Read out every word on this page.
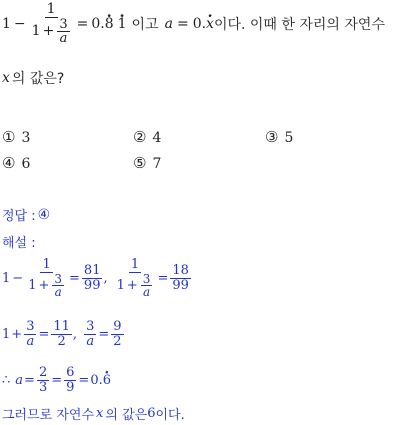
$1 - \frac{1}{1 + \frac{3}{a}} = 0.\cdot 8\cdot 1$ 이고 a = 0.· x 이다. 이때 한 자리의 자연수
x 의 값은?
① 3	② 4	③ 5
④ 6	⑤ 7
정답 : ④
해설 :
$1 - \frac{1}{1 + \frac{3}{a}} = \frac{81}{99}$ , $\frac{1}{1 + \frac{3}{a}} = \frac{18}{99}$
$1 + \frac{3}{a} = \frac{11}{2}$ , $\frac{3}{a} = \frac{9}{2}$
∴ $a = \frac{2}{3} = \frac{6}{9} = 0.\cdot 6$
그러므로 자연수 x 의 값은 6 이다.
